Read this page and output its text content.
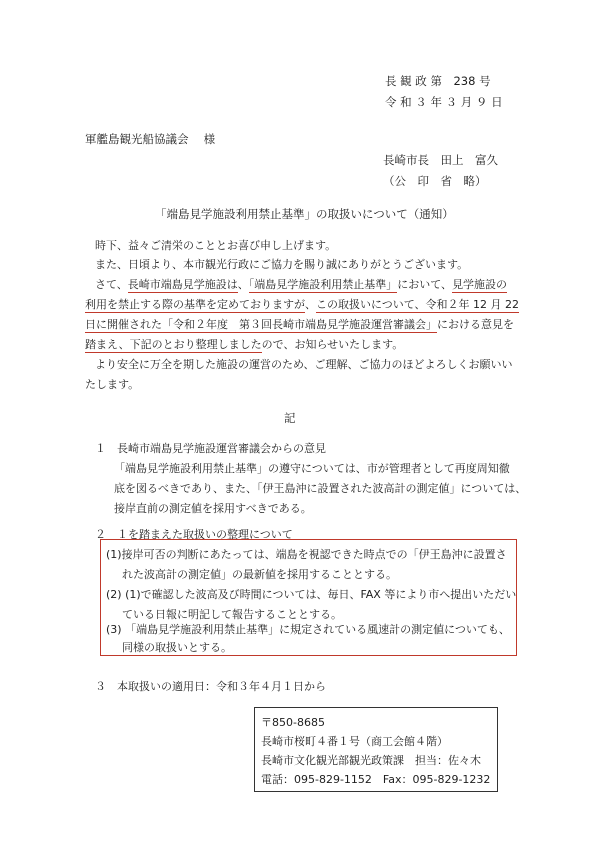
長 観 政 第　238 号
令 和 ３ 年 ３ 月 ９ 日
軍艦島観光船協議会　 様
長崎市長　田上　富久
（公　印　省　略）
「端島見学施設利用禁止基準」の取扱いについて（通知）
時下、益々ご清栄のこととお喜び申し上げます。
また、日頃より、本市観光行政にご協力を賜り誠にありがとうございます。
さて、長崎市端島見学施設は、「端島見学施設利用禁止基準」において、見学施設の
利用を禁止する際の基準を定めておりますが、この取扱いについて、令和２年 12 月 22
日に開催された「令和２年度　第３回長崎市端島見学施設運営審議会」における意見を
踏まえ、下記のとおり整理しましたので、お知らせいたします。
より安全に万全を期した施設の運営のため、ご理解、ご協力のほどよろしくお願いい
たします。
記
１　長崎市端島見学施設運営審議会からの意見
「端島見学施設利用禁止基準」の遵守については、市が管理者として再度周知徹
底を図るべきであり、また、｢伊王島沖に設置された波高計の測定値」については、
接岸直前の測定値を採用すべきである。
２　１を踏まえた取扱いの整理について
(1)接岸可否の判断にあたっては、端島を視認できた時点での「伊王島沖に設置さ
れた波高計の測定値」の最新値を採用することとする。
(2) (1)で確認した波高及び時間については、毎日、FAX 等により市へ提出いただい
ている日報に明記して報告することとする。
(3) 「端島見学施設利用禁止基準」に規定されている風速計の測定値についても、
同様の取扱いとする。
３　本取扱いの適用日：令和３年４月１日から
〒850-8685
長崎市桜町４番１号（商工会館４階）
長崎市文化観光部観光政策課　担当：佐々木
電話：095-829-1152　Fax：095-829-1232
